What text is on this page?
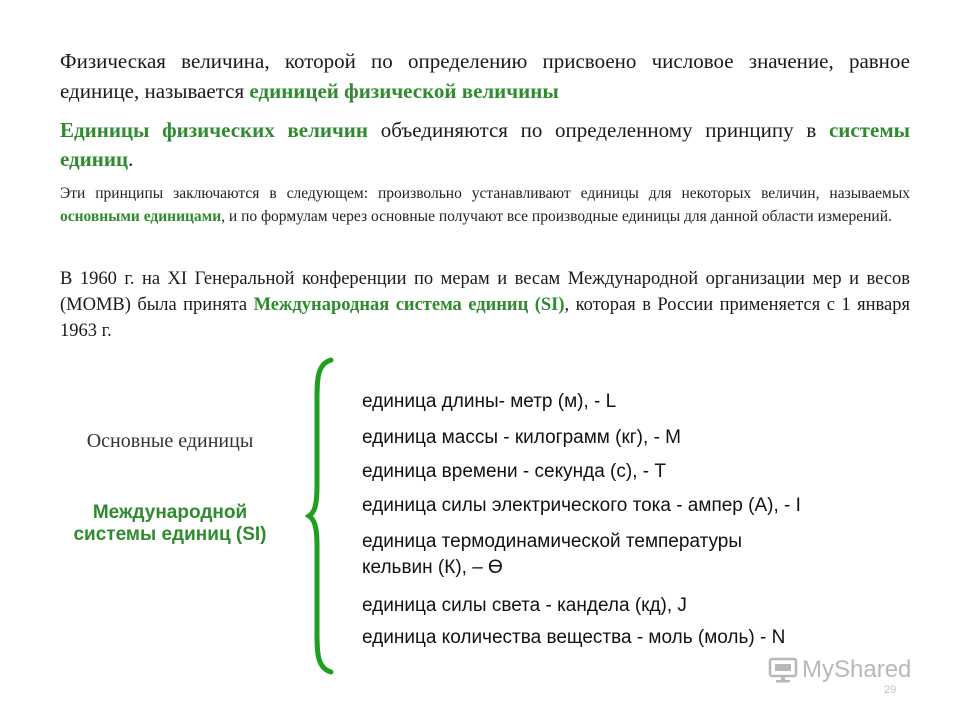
Физическая величина, которой по определению присвоено числовое значение, равное единице, называется единицей физической величины
Единицы физических величин объединяются по определенному принципу в системы единиц.
Эти принципы заключаются в следующем: произвольно устанавливают единицы для некоторых величин, называемых основными единицами, и по формулам через основные получают все производные единицы для данной области измерений.
В 1960 г. на XI Генеральной конференции по мерам и весам Международной организации мер и весов (МОМВ) была принята Международная система единиц (SI), которая в России применяется с 1 января 1963 г.
Основные единицы
Международной системы единиц (SI)
единица длины- метр (м), - L
единица массы - килограмм (кг), - М
единица времени - секунда (с), - Т
единица силы электрического тока - ампер (А), - I
единица термодинамической температуры
кельвин (К), – ϴ
единица силы света - кандела (кд), J
единица количества вещества - моль (моль) - N
MyShared
29
